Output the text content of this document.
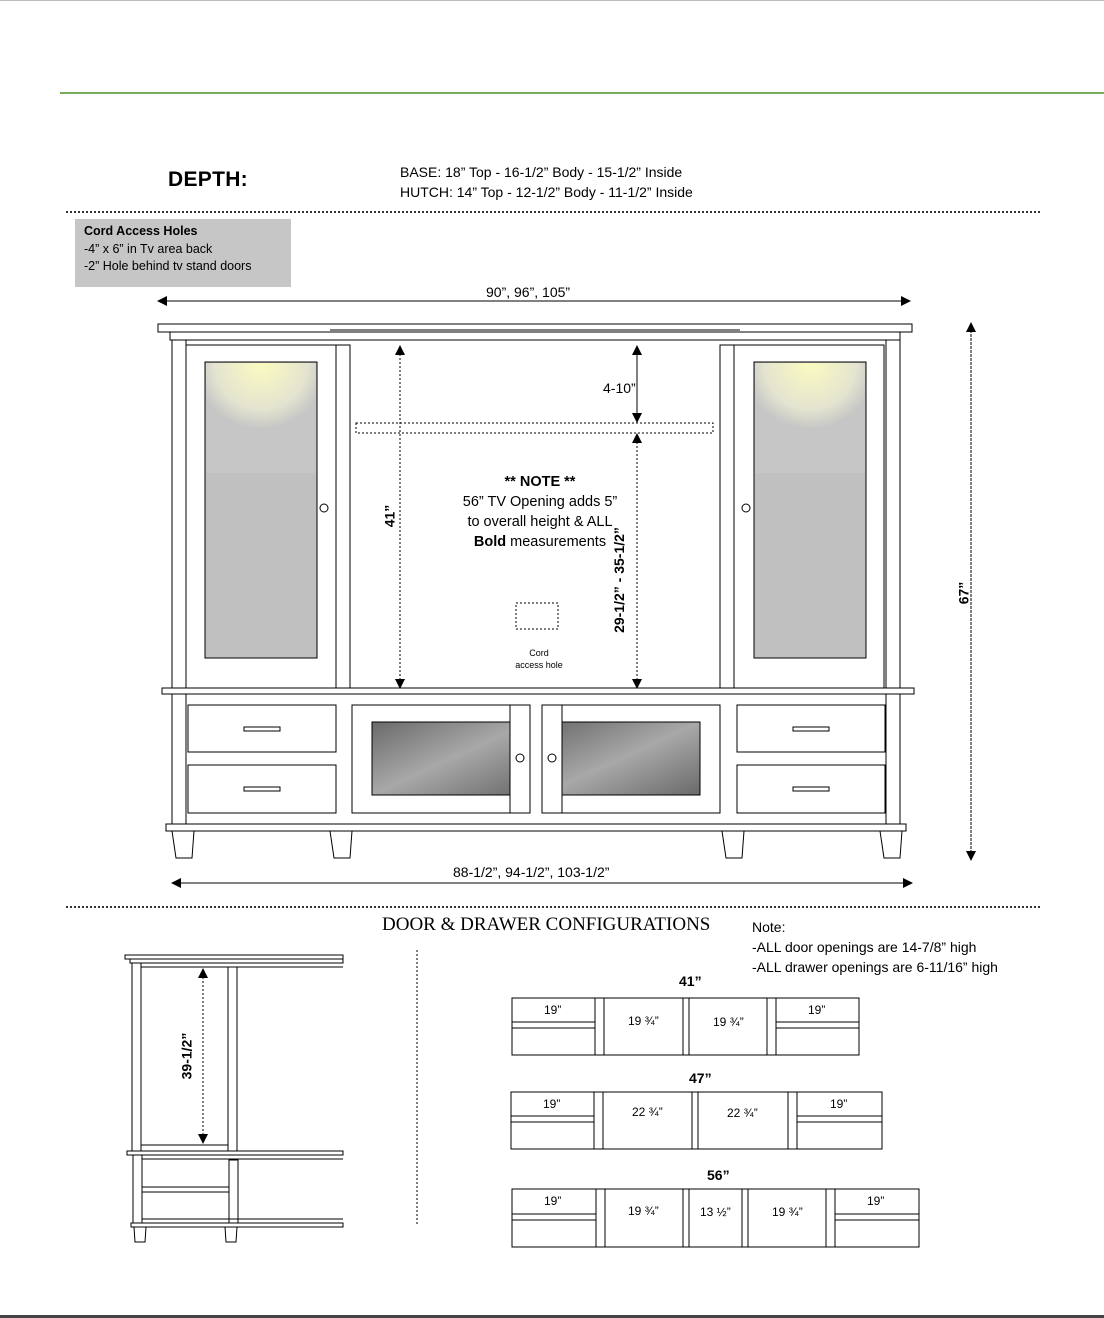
DEPTH:	BASE: 18” Top - 16-1/2” Body - 15-1/2” Inside
HUTCH: 14” Top - 12-1/2” Body - 11-1/2” Inside
Cord Access Holes
-4” x 6” in Tv area back
-2” Hole behind tv stand doors
90”, 96”, 105”
4-10”
41”
29-1/2” - 35-1/2”	67”
** NOTE **
56” TV Opening adds 5”
to overall height & ALL
Bold measurements
Cord
access hole
88-1/2”, 94-1/2”, 103-1/2”
39-1/2”
DOOR & DRAWER CONFIGURATIONS	Note:
-ALL door openings are 14-7/8” high
-ALL drawer openings are 6-11/16” high
41”
19”
19 ¾”	19 ¾”
19”
47”
19”
22 ¾”	22 ¾”
19”
56”
19”
19 ¾”	13 ½”	19 ¾”
19”
